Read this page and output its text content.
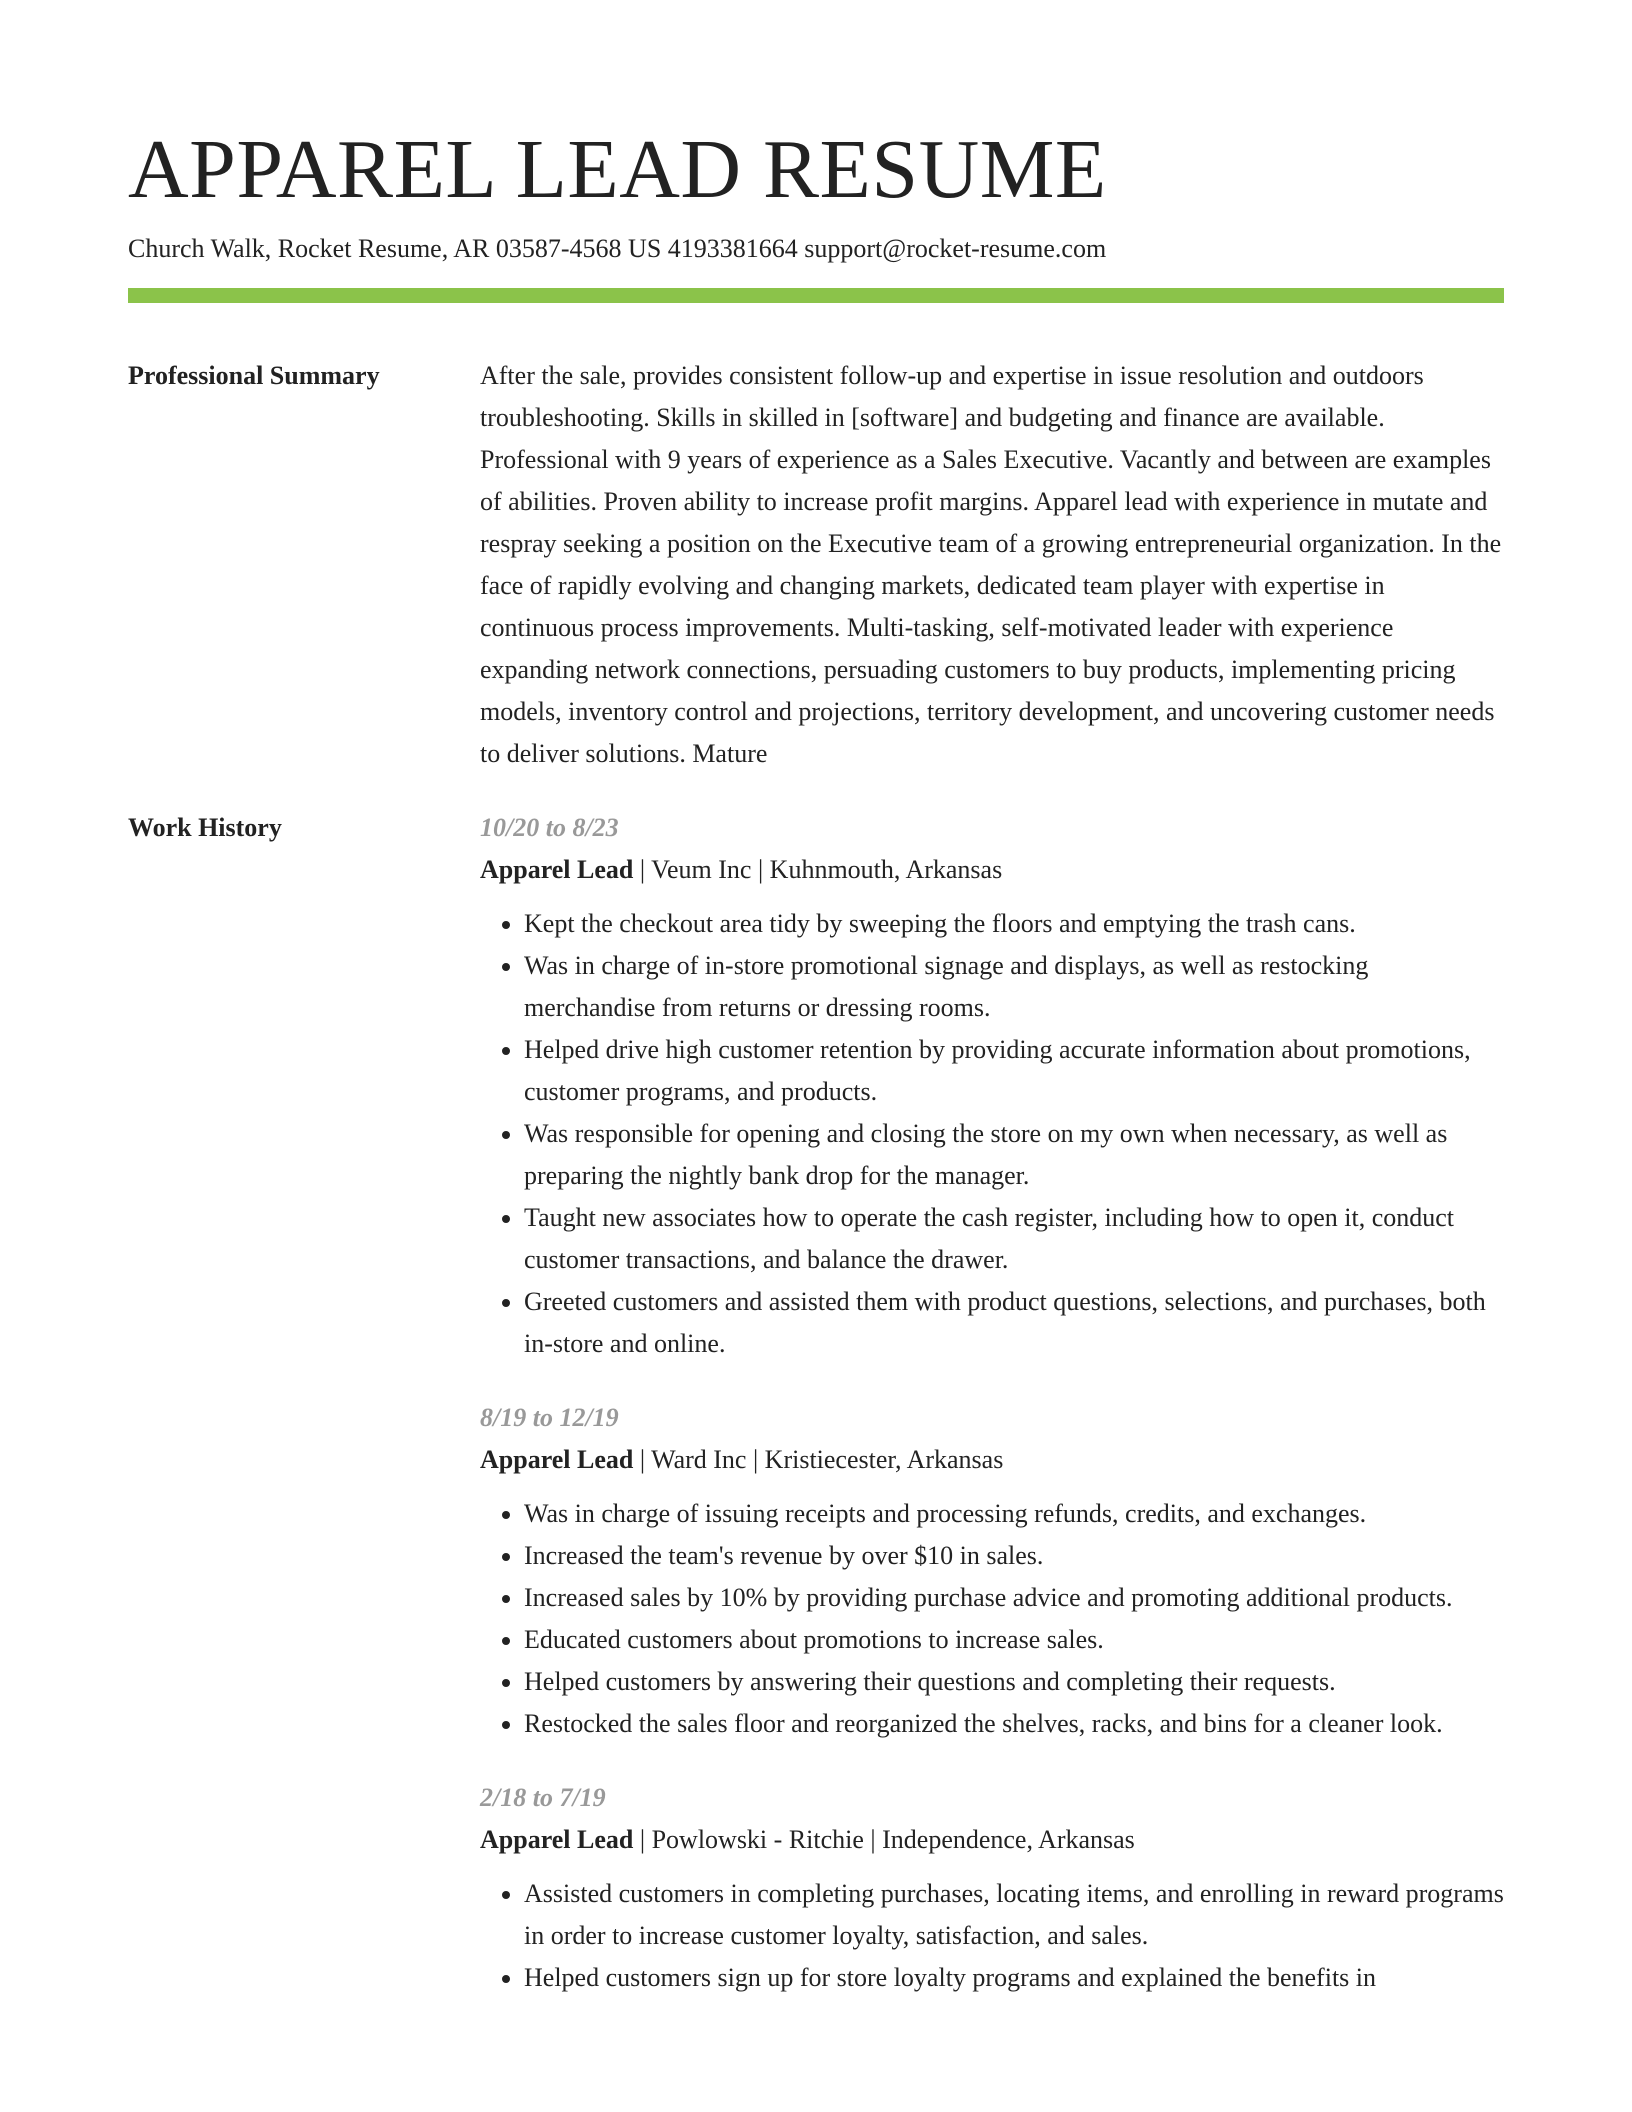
APPAREL LEAD RESUME
Church Walk, Rocket Resume, AR 03587-4568 US 4193381664 support@rocket-resume.com
Professional Summary	After the sale, provides consistent follow-up and expertise in issue resolution and outdoors troubleshooting. Skills in skilled in [software] and budgeting and finance are available. Professional with 9 years of experience as a Sales Executive. Vacantly and between are examples of abilities. Proven ability to increase profit margins. Apparel lead with experience in mutate and respray seeking a position on the Executive team of a growing entrepreneurial organization. In the face of rapidly evolving and changing markets, dedicated team player with expertise in continuous process improvements. Multi-tasking, self-motivated leader with experience expanding network connections, persuading customers to buy products, implementing pricing models, inventory control and projections, territory development, and uncovering customer needs to deliver solutions. Mature

Work History	10/20 to 8/23
Apparel Lead | Veum Inc | Kuhnmouth, Arkansas
• Kept the checkout area tidy by sweeping the floors and emptying the trash cans.
• Was in charge of in-store promotional signage and displays, as well as restocking merchandise from returns or dressing rooms.
• Helped drive high customer retention by providing accurate information about promotions, customer programs, and products.
• Was responsible for opening and closing the store on my own when necessary, as well as preparing the nightly bank drop for the manager.
• Taught new associates how to operate the cash register, including how to open it, conduct customer transactions, and balance the drawer.
• Greeted customers and assisted them with product questions, selections, and purchases, both in-store and online.
8/19 to 12/19
Apparel Lead | Ward Inc | Kristiecester, Arkansas
• Was in charge of issuing receipts and processing refunds, credits, and exchanges.
• Increased the team's revenue by over $10 in sales.
• Increased sales by 10% by providing purchase advice and promoting additional products.
• Educated customers about promotions to increase sales.
• Helped customers by answering their questions and completing their requests.
• Restocked the sales floor and reorganized the shelves, racks, and bins for a cleaner look.
2/18 to 7/19
Apparel Lead | Powlowski - Ritchie | Independence, Arkansas
• Assisted customers in completing purchases, locating items, and enrolling in reward programs in order to increase customer loyalty, satisfaction, and sales.
• Helped customers sign up for store loyalty programs and explained the benefits in
